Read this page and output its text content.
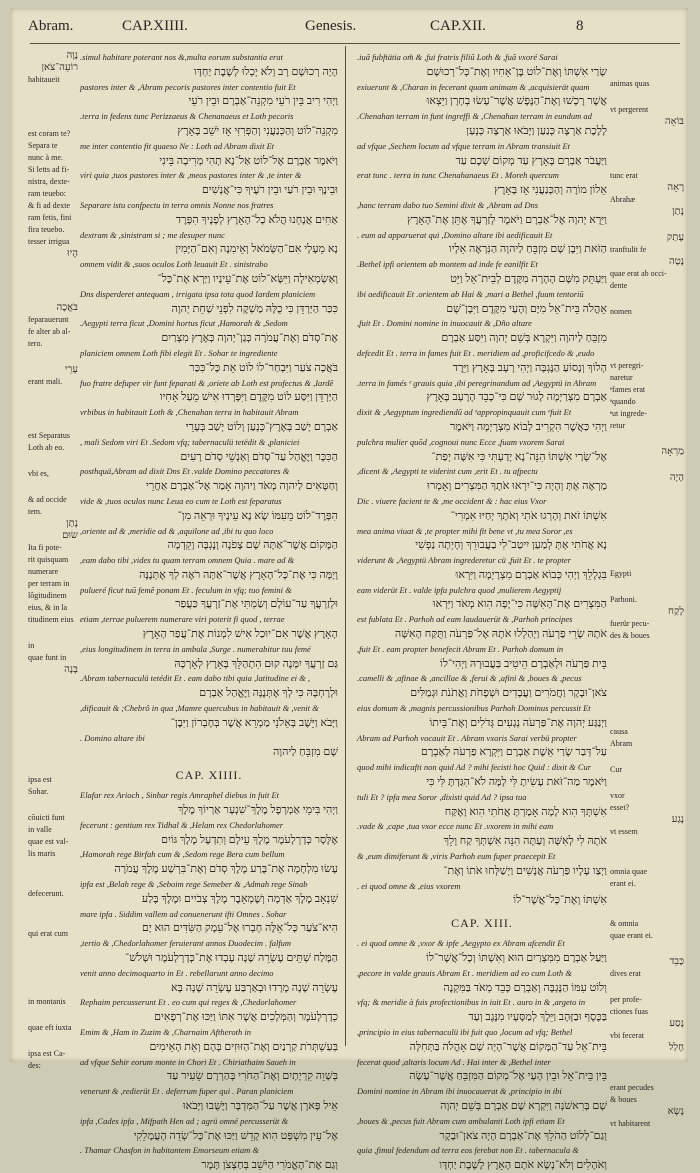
Abram.	CAP.XIIII.	Genesis.	CAP.XII.	8
נָוֶה
רוֹעֵה־צֹאן
habitaueit
est coram te?
Separa te
nunc à me.
Si letts ad fi-
nistra, dexte-
ram teuebo:
& fi ad dexte
ram fetis, fini
fira teuebo.
tesser irrigua
הָיוּ
בֹּאֲכָה
feparauerunt
fe alter ab al-
tero.
עָרֵי
erant mali.
est Separatus
Loth ab eo.
vbi es,
& ad occide
tem.
נָתַן
שׂוּם
Ita fi pote-
rit quisquam
numerare
per terram in
lõgitudinem
eius, & in la
titudinem eius
in
quae funt in
בָּנָה
ipsa est
Sohar.
cõuicti funt
in valle
quae est val-
lis maris
defecerunt.
qui erat cum
in montanis
quae eft iuxta
ipsa est Ca-
des:
.simul habitare poterant nos &,multa eorum substantia erat
הָיָה רְכוּשָׁם רָב וְלֹא יָכְלוּ לָשֶׁבֶת יַחְדָּו
pastores inter & ,Abram pecoris pastores inter contentio fuit Et
וַיְהִי רִיב בֵּין רֹעֵי מִקְנֵה־אַבְרָם וּבֵין רֹעֵי
.terra in fedens tunc Perizzaeus & Chenanaeus et Loth pecoris
מִקְנֵה־לוֹט וְהַכְּנַעֲנִי וְהַפְּרִזִּי אָז יֹשֵׁב בָּאָרֶץ
me inter contentio fit quaeso Ne : Loth ad Abram dixit Et
וַיֹּאמֶר אַבְרָם אֶל־לוֹט אַל־נָא תְהִי מְרִיבָה בֵּינִי
viri quia ,tuos pastores inter & ,meos pastores inter & ,te inter &
וּבֵינֶךָ וּבֵין רֹעַי וּבֵין רֹעֶיךָ כִּי־אֲנָשִׁים
Separare istu confpectu in terra omnis Nonne nos fratres
אַחִים אֲנָחְנוּ הֲלֹא כָל־הָאָרֶץ לְפָנֶיךָ הִפָּרֶד
dextram & ,sinistram si ; me desuper nunc
נָא מֵעָלָי אִם־הַשְּׂמֹאל וְאֵימִנָה וְאִם־הַיָּמִין
omnem vidit & ,suos oculos Loth leuauit Et . sinistrabo
וְאַשְׂמְאִילָה וַיִּשָּׂא־לוֹט אֶת־עֵינָיו וַיַּרְא אֶת־כָּל־
Dns disperderet antequam , irrigata ipsa tota quod Iardem planiciem
כִּכַּר הַיַּרְדֵּן כִּי כֻלָּהּ מַשְׁקֶה לִפְנֵי שַׁחֵת יְהוָה
.Aegypti terra ficut ,Domini hortus ficut ,Hamorah & ,Sedom
אֶת־סְדֹם וְאֶת־עֲמֹרָה כְּגַן־יְהוָה כְּאֶרֶץ מִצְרַיִם
planiciem omnem Loth fibi elegit Et . Sohar te ingrediente
בֹּאֲכָה צֹעַר וַיִּבְחַר־לוֹ לוֹט אֵת כָּל־כִּכַּר
fuo fratre defuper vir funt feparati & ,oriete ab Loth est profectus & ,Iardē
הַיַּרְדֵּן וַיִּסַּע לוֹט מִקֶּדֶם וַיִּפָּרְדוּ אִישׁ מֵעַל אָחִיו
vrbibus in habitauit Loth & ,Chenahan terra in habitauit Abram
אַבְרָם יָשַׁב בְּאֶרֶץ־כְּנָעַן וְלוֹט יָשַׁב בְּעָרֵי
, mali Sedom viri Et .Sedom vfq; tabernaculü tetëdit & ,planiciei
הַכִּכָּר וַיֶּאֱהַל עַד־סְדֹם וְאַנְשֵׁי סְדֹם רָעִים
posthquä,Abram ad dixit Dns Et .valde Domino peccatores &
וְחַטָּאִים לַיהוָה מְאֹד וַיהוָה אָמַר אֶל־אַבְרָם אַחֲרֵי
vide & ,tuos oculos nunc Leua eo cum te Loth est feparatus
הִפָּרֶד־לוֹט מֵעִמּוֹ שָׂא נָא עֵינֶיךָ וּרְאֵה מִן־
,oriente ad & ,meridie ad & ,aquilone ad ,ibi tu quo loco
הַמָּקוֹם אֲשֶׁר־אַתָּה שָׁם צָפֹנָה וָנֶגְבָּה וָקֵדְמָה
,eam dabo tibi ,vides tu quam terram omnem Quia . mare ad &
וָיָמָּה כִּי אֶת־כָּל־הָאָרֶץ אֲשֶׁר־אַתָּה רֹאֶה לְךָ אֶתְּנֶנָּה
pulueré ficut tuũ femẽ ponam Et . feculum in vfq; tuo femini &
וּלְזַרְעֲךָ עַד־עוֹלָם וְשַׂמְתִּי אֶת־זַרְעֲךָ כַּעֲפַר
etiam ,terrae puluerem numerare viri poterit fi quod , terrae
הָאָרֶץ אֲשֶׁר אִם־יוּכַל אִישׁ לִמְנוֹת אֶת־עֲפַר הָאָרֶץ
,eius longitudinem in terra in ambula ,Surge . numerabitur tuu femé
גַּם זַרְעֲךָ יִמָּנֶה קוּם הִתְהַלֵּךְ בָּאָרֶץ לְאָרְכָּהּ
.Abram tabernaculü tetédit Et . eam dabo tibi quia ,latitudine ei & ,
וּלְרָחְבָּהּ כִּי לְךָ אֶתְּנֶנָּה וַיֶּאֱהַל אַבְרָם
,dificauit & ;Chebrô in qua ,Mamre quercubus in habitauit & ,venit &
וַיָּבֹא וַיֵּשֶׁב בְּאֵלֹנֵי מַמְרֵא אֲשֶׁר בְּחֶבְרוֹן וַיִּבֶן־
. Domino altare ibi
שָׁם מִזְבֵּחַ לַיהוָה
CAP. XIIII.
Elafar rex Arioch , Sinhar regis Amraphel diebus in fuit Et
וַיְהִי בִּימֵי אַמְרָפֶל מֶלֶךְ־שִׁנְעָר אַרְיוֹךְ מֶלֶךְ
fecerunt : gentium rex Tidhal & ,Helam rex Chedorlahomer
אֶלָּסָר כְּדָרְלָעֹמֶר מֶלֶךְ עֵילָם וְתִדְעָל מֶלֶךְ גּוֹיִם
,Hamorah rege Birfah cum & ,Sedom rege Bera cum bellum
עָשׂוּ מִלְחָמָה אֶת־בֶּרַע מֶלֶךְ סְדֹם וְאֶת־בִּרְשַׁע מֶלֶךְ עֲמֹרָה
ipfa est ,Belah rege & ,Seboim rege Semeber & ,Admah rege Sinab
שִׁנְאָב מֶלֶךְ אַדְמָה וְשֶׁמְאֵבֶר מֶלֶךְ צְבֹיִים וּמֶלֶךְ בֶּלַע
mare ipfa . Siddim vallem ad conuenerunt ifti Omnes . Sohar
הִיא־צֹעַר כָּל־אֵלֶּה חָבְרוּ אֶל־עֵמֶק הַשִּׂדִּים הוּא יָם
,tertio & ,Chedorlahomer feruierant annos Duodecim . falfum
הַמֶּלַח שְׁתֵּים עֶשְׂרֵה שָׁנָה עָבְדוּ אֶת־כְּדָרְלָעֹמֶר וּשְׁלֹשׁ־
venit anno decimoquarto in Et . rebellarunt anno decimo
עֶשְׂרֵה שָׁנָה מָרָדוּ וּבְאַרְבַּע עֶשְׂרֵה שָׁנָה בָּא
Rephaim percusserunt Et . eo cum qui reges & ,Chedorlahomer
כְדָרְלָעֹמֶר וְהַמְּלָכִים אֲשֶׁר אִתּוֹ וַיַּכּוּ אֶת־רְפָאִים
Emim & ,Ham in Zuzim & ,Charnaim Aftheroth in
בְּעַשְׁתְּרֹת קַרְנַיִם וְאֶת־הַזּוּזִים בְּהָם וְאֵת הָאֵימִים
ad vfque Sehir eorum monte in Chori Et . Chiriathaim Saueh in
בְּשָׁוֵה קִרְיָתָיִם וְאֶת־הַחֹרִי בְּהַרְרָם שֵׂעִיר עַד
venerunt & ,redierüt Et . deferrum fuper qui . Paran planiciem
אֵיל פָּארָן אֲשֶׁר עַל־הַמִּדְבָּר וַיָּשֻׁבוּ וַיָּבֹאוּ
ipfa ,Cades ipfa , Mifpath Hen ad ; agrü omné percusserüt &
אֶל־עֵין מִשְׁפָּט הִוא קָדֵשׁ וַיַּכּוּ אֶת־כָּל־שְׂדֵה הָעֲמָלֵקִי
. Thamar Chasfon in habitantem Emorseum etiam &
וְגַם אֶת־הָאֱמֹרִי הַיֹּשֵׁב בְּחַצְצֹן תָּמָר
.iuã fubftätia om̃ & ,fui fratris filiũ Loth & ,fuã vxoré Sarai
שָׂרַי אִשְׁתּוֹ וְאֶת־לוֹט בֶּן־אָחִיו וְאֶת־כָּל־רְכוּשָׁם
exiuerunt & ,Charan in fecerant quam animam & ,acquisierät quam
אֲשֶׁר רָכָשׁוּ וְאֶת־הַנֶּפֶשׁ אֲשֶׁר־עָשׂוּ בְחָרָן וַיֵּצְאוּ
.Chenahan terram in funt ingreffi & ,Chenahan terram in eundum ad
לָלֶכֶת אַרְצָה כְּנַעַן וַיָּבֹאוּ אַרְצָה כְּנָעַן
ad vfque ,Sechem locum ad vfque terram in Abram transiuit Et
וַיַּעֲבֹר אַבְרָם בָּאָרֶץ עַד מְקוֹם שְׁכֶם עַד
erat tunc . terra in tunc Chenahanaeus Et . Moreh quercum
אֵלוֹן מוֹרֶה וְהַכְּנַעֲנִי אָז בָּאָרֶץ
,hanc terram dabo tuo Semini dixit & ,Abram ad Dns
וַיֵּרָא יְהוָה אֶל־אַבְרָם וַיֹּאמֶר לְזַרְעֲךָ אֶתֵּן אֶת־הָאָרֶץ
. eum ad apparuerat qui ,Domino altare ibi aedificauit Et
הַזֹּאת וַיִּבֶן שָׁם מִזְבֵּחַ לַיהוָה הַנִּרְאֶה אֵלָיו
.Bethel ipfi orientem ab montem ad inde fe eanilfit Et
וַיַּעְתֵּק מִשָּׁם הָהָרָה מִקֶּדֶם לְבֵית־אֵל וַיֵּט
ibi aedificauit Et .orientem ab Hai & ,mari a Bethel ,fuum tentoriū
אָהֳלֹה בֵּית־אֵל מִיָּם וְהָעַי מִקֶּדֶם וַיִּבֶן־שָׁם
,fuit Et . Domini nomine in inuocauit & ,Dño altare
מִזְבֵּחַ לַיהוָה וַיִּקְרָא בְּשֵׁם יְהוָה וַיִּסַּע אַבְרָם
defcedit Et . terra in fames fuit Et . meridiem ad ,proficifcedo & ,eudo
הָלוֹךְ וְנָסוֹעַ הַנֶּגְבָּה וַיְהִי רָעָב בָּאָרֶץ וַיֵּרֶד
.terra in famés ᵉ grauis quia ,ibi peregrinandum ad ,Aegyptü in Abram
אַבְרָם מִצְרַיְמָה לָגוּר שָׁם כִּי־כָבֵד הָרָעָב בָּאָרֶץ
dixit & ,Aegyptum ingrediendũ ad ᵉappropinquauit cum ᵉfuit Et
וַיְהִי כַּאֲשֶׁר הִקְרִיב לָבוֹא מִצְרָיְמָה וַיֹּאמֶר
pulchra mulier quõd ,cognoui nunc Ecce ,fuam vxorem Sarai
אֶל־שָׂרַי אִשְׁתּוֹ הִנֵּה־נָא יָדַעְתִּי כִּי אִשָּׁה יְפַת־
,dicent & ,Aegypti te viderint cum ,erit Et . tu afpectu
מַרְאֶה אָתְּ וְהָיָה כִּי־יִרְאוּ אֹתָךְ הַמִּצְרִים וְאָמְרוּ
Dic . viuere facient te & ,me occident & : hac eius Vxor
אִשְׁתּוֹ זֹאת וְהָרְגוּ אֹתִי וְאֹתָךְ יְחַיּוּ אִמְרִי־
mea anima viuat & ,te propter mihi fit bene vt ,tu mea Soror ,es
נָא אֲחֹתִי אָתְּ לְמַעַן יִיטַב־לִי בַעֲבוּרֵךְ וְחָיְתָה נַפְשִׁי
viderunt & ,Aegyptü Abram ingrederetur cü ,fuit Et . te propter
בִּגְלָלֵךְ וַיְהִי כְּבוֹא אַבְרָם מִצְרָיְמָה וַיִּרְאוּ
eam viderüt Et . valde ipfa pulchra quod ,mulierem Aegyptij
הַמִּצְרִים אֶת־הָאִשָּׁה כִּי־יָפָה הִוא מְאֹד וַיִּרְאוּ
est fublata Et . Parhoh ad eam laudauerüt & ,Parhoh principes
אֹתָהּ שָׂרֵי פַרְעֹה וַיְהַלְלוּ אֹתָהּ אֶל־פַּרְעֹה וַתֻּקַּח הָאִשָּׁה
,fuit Et . eam propter benefecit Abram Et . Parhoh domum in
בֵּית פַּרְעֹה וּלְאַבְרָם הֵיטִיב בַּעֲבוּרָהּ וַיְהִי־לוֹ
.camelli & ,afinae & ,ancillae & ,ferui & ,afini & ,boues & ,pecus
צֹאן־וּבָקָר וַחֲמֹרִים וַעֲבָדִים וּשְׁפָחֹת וַאֲתֹנֹת וּגְמַלִּים
eius domum & ,magnis percussionibus Parhoh Dominus percussit Et
וַיְנַגַּע יְהוָה אֶת־פַּרְעֹה נְגָעִים גְּדֹלִים וְאֶת־בֵּיתוֹ
Abram ad Parhoh vocauit Et . Abram vxoris Sarai verbü propter
עַל־דְּבַר שָׂרַי אֵשֶׁת אַבְרָם וַיִּקְרָא פַרְעֹה לְאַבְרָם
quod mihi indicafti non quid Ad ? mihi fecisti hoc Quid : dixit & Cur
וַיֹּאמֶר מַה־זֹּאת עָשִׂיתָ לִּי לָמָּה לֹא־הִגַּדְתָּ לִּי כִּי
tuli Et ? ipfa mea Soror ,dixisti quid Ad ? ipsa tua
אִשְׁתְּךָ הִוא לָמָה אָמַרְתָּ אֲחֹתִי הִוא וָאֶקַּח
.vade & ,cape ,tua vxor ecce nunc Et .vxorem in mihi eam
אֹתָהּ לִי לְאִשָּׁה וְעַתָּה הִנֵּה אִשְׁתְּךָ קַח וָלֵךְ
& ,eum dimiferunt & ,viris Parhoh eum fuper praecepit Et
וַיְצַו עָלָיו פַּרְעֹה אֲנָשִׁים וַיְשַׁלְּחוּ אֹתוֹ וְאֶת־
. ei quod omne & ,eius vxorem
אִשְׁתּוֹ וְאֶת־כָּל־אֲשֶׁר־לוֹ
CAP. XIII.
. ei quod omne & ,vxor & ipfe ,Aegypto ex Abram afcendit Et
וַיַּעַל אַבְרָם מִמִּצְרַיִם הוּא וְאִשְׁתּוֹ וְכָל־אֲשֶׁר־לוֹ
,pecore in valde grauis Abram Et . meridiem ad eo cum Loth &
וְלוֹט עִמּוֹ הַנֶּגְבָּה וְאַבְרָם כָּבֵד מְאֹד בַּמִּקְנֶה
vfq; & meridie à fuis profectionibus in iuit Et . auro in & ,argeto in
בַּכֶּסֶף וּבַזָּהָב וַיֵּלֶךְ לְמַסָּעָיו מִנֶּגֶב וְעַד
,principio in eius tabernaculü ibi fuit quo ,locum ad vfq; Bethel
בֵּית־אֵל עַד־הַמָּקוֹם אֲשֶׁר־הָיָה שָׁם אָהֳלֹה בַּתְּחִלָּה
fecerat quod ,altaris locum Ad . Hai inter & ,Bethel inter
בֵּין בֵּית־אֵל וּבֵין הָעָי אֶל־מְקוֹם הַמִּזְבֵּחַ אֲשֶׁר־עָשָׂה
Domini nomine in Abram ibi inuocauerat & ,principio in ibi
שָׁם בָּרִאשֹׁנָה וַיִּקְרָא שָׁם אַבְרָם בְּשֵׁם יְהוָה
,boues & ,pecus fuit Abram cum ambulanti Loth ipfi etiam Et
וְגַם־לְלוֹט הַהֹלֵךְ אֶת־אַבְרָם הָיָה צֹאן־וּבָקָר
quia ,fimul fedendum ad terra eos ferebat non Et . tabernacula &
וְאֹהָלִים וְלֹא־נָשָׂא אֹתָם הָאָרֶץ לָשֶׁבֶת יַחְדָּו
animas quas
vt pergerent
בּוֹאָה
tunc erat
רָאָה
Abrahæ
נָתַן
עָתַק
tranftulit fe
נָטָה
quae erat ab occi-
dente
nomen
vt peregri-
naretur
ᵉfames erat
ᵉquando
ᵉut ingrede-
retur
מַרְאָה
הָיָה
Egypti
Parhoni.
לָקַח
fuerür pecu-
des & boues
causa
Abram
Cur
vxor
esset?
נָגַע
vt essem
omnia quae
erant ei.
& omnia
quae erant ei.
כָּבֵד
dives erat
per profe-
ctiones fuas
נָסַע
vbi fecerat
חָלַל
erant pecudes
& boues
נָשָׂא
vt habitarent
